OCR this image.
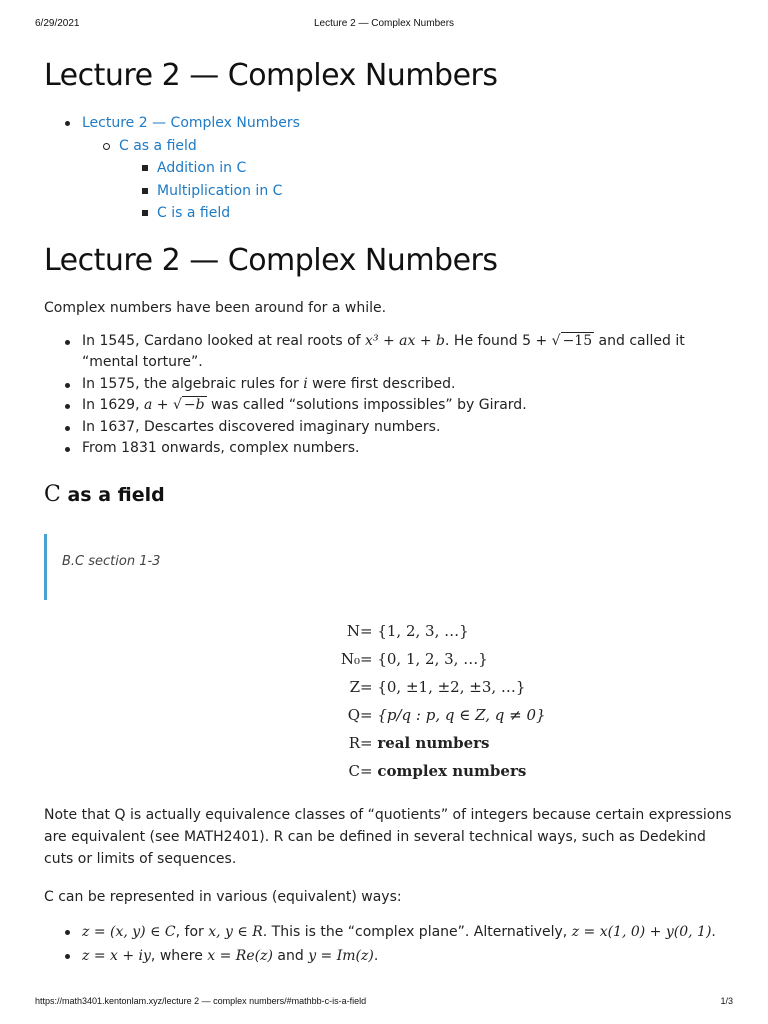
6/29/2021	Lecture 2 — Complex Numbers
Lecture 2 — Complex Numbers
Lecture 2 — Complex Numbers
C as a field
Addition in C
Multiplication in C
C is a field
Lecture 2 — Complex Numbers

Complex numbers have been around for a while.

In 1545, Cardano looked at real roots of x³ + ax + b. He found 5 + √ −15 and called it “mental torture”.
In 1575, the algebraic rules for i were first described.
In 1629, a + √ −b was called “solutions impossibles” by Girard.
In 1637, Descartes discovered imaginary numbers.
From 1831 onwards, complex numbers.
C as a field
B.C section 1-3
N = {1, 2, 3, …}
N₀ = {0, 1, 2, 3, …}
Z = {0, ±1, ±2, ±3, …}
Q = {p/q : p, q ∈ Z, q ≠ 0}
R = real numbers
C = complex numbers

Note that Q is actually equivalence classes of “quotients” of integers because certain expressions are equivalent (see MATH2401). R can be defined in several technical ways, such as Dedekind cuts or limits of sequences.

C can be represented in various (equivalent) ways:

z = (x, y) ∈ C, for x, y ∈ R. This is the “complex plane”. Alternatively, z = x(1, 0) + y(0, 1).
z = x + iy, where x = Re(z) and y = Im(z).
https://math3401.kentonlam.xyz/lecture 2 — complex numbers/#mathbb-c-is-a-field	1/3
